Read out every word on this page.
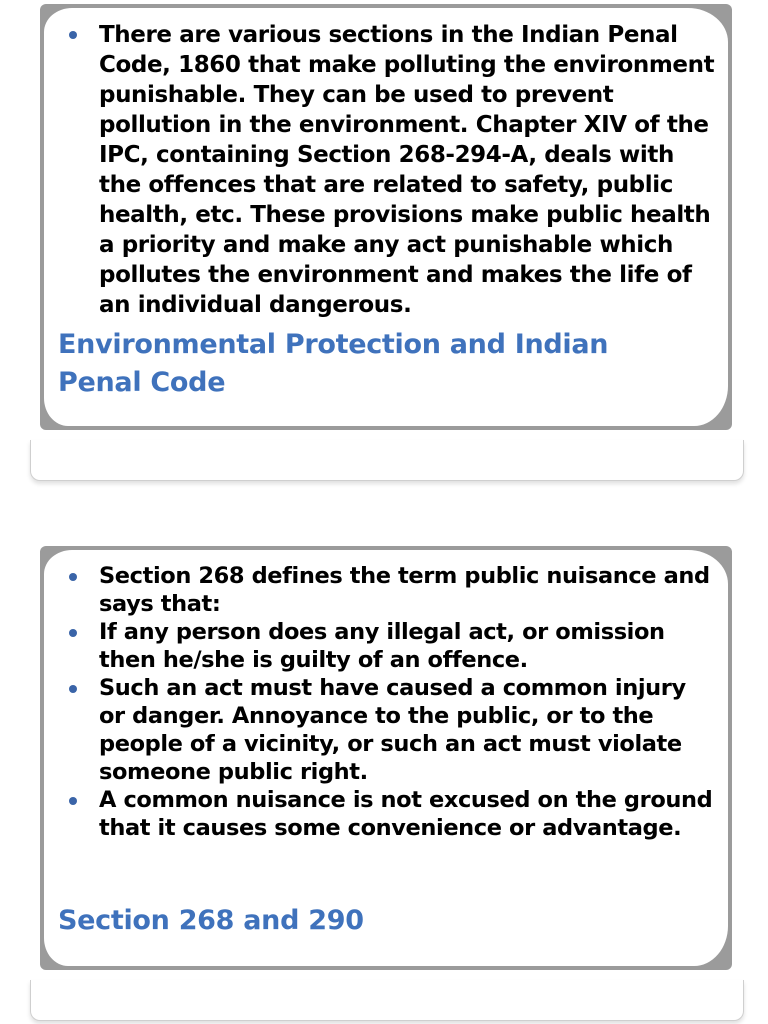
There are various sections in the Indian Penal Code, 1860 that make polluting the environment punishable. They can be used to prevent pollution in the environment. Chapter XIV of the IPC, containing Section 268-294-A, deals with the offences that are related to safety, public health, etc. These provisions make public health a priority and make any act punishable which pollutes the environment and makes the life of an individual dangerous.
Environmental Protection and Indian Penal Code
Section 268 defines the term public nuisance and says that:
If any person does any illegal act, or omission then he/she is guilty of an offence.
Such an act must have caused a common injury or danger. Annoyance to the public, or to the people of a vicinity, or such an act must violate someone public right.
A common nuisance is not excused on the ground that it causes some convenience or advantage.
Section 268 and 290
